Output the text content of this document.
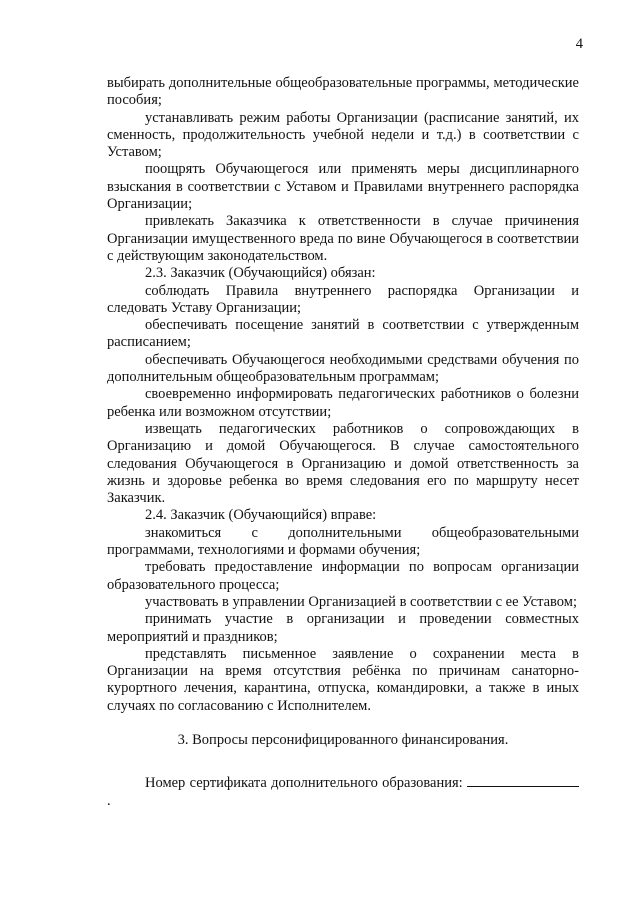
4

выбирать дополнительные общеобразовательные программы, методические пособия;

устанавливать режим работы Организации (расписание занятий, их сменность, продолжительность учебной недели и т.д.) в соответствии с Уставом;

поощрять Обучающегося или применять меры дисциплинарного взыскания в соответствии с Уставом и Правилами внутреннего распорядка Организации;

привлекать Заказчика к ответственности в случае причинения Организации имущественного вреда по вине Обучающегося в соответствии с действующим законодательством.

2.3. Заказчик (Обучающийся) обязан:

соблюдать Правила внутреннего распорядка Организации и следовать Уставу Организации;

обеспечивать посещение занятий в соответствии с утвержденным расписанием;

обеспечивать Обучающегося необходимыми средствами обучения по дополнительным общеобразовательным программам;

своевременно информировать педагогических работников о болезни ребенка или возможном отсутствии;

извещать педагогических работников о сопровождающих в Организацию и домой Обучающегося. В случае самостоятельного следования Обучающегося в Организацию и домой ответственность за жизнь и здоровье ребенка во время следования его по маршруту несет Заказчик.

2.4. Заказчик (Обучающийся) вправе:

знакомиться с дополнительными общеобразовательными программами, технологиями и формами обучения;

требовать предоставление информации по вопросам организации образовательного процесса;

участвовать в управлении Организацией в соответствии с ее Уставом;

принимать участие в организации и проведении совместных мероприятий и праздников;

представлять письменное заявление о сохранении места в Организации на время отсутствия ребёнка по причинам санаторно-курортного лечения, карантина, отпуска, командировки, а также в иных случаях по согласованию с Исполнителем.

3. Вопросы персонифицированного финансирования.

Номер сертификата дополнительного образования: .
